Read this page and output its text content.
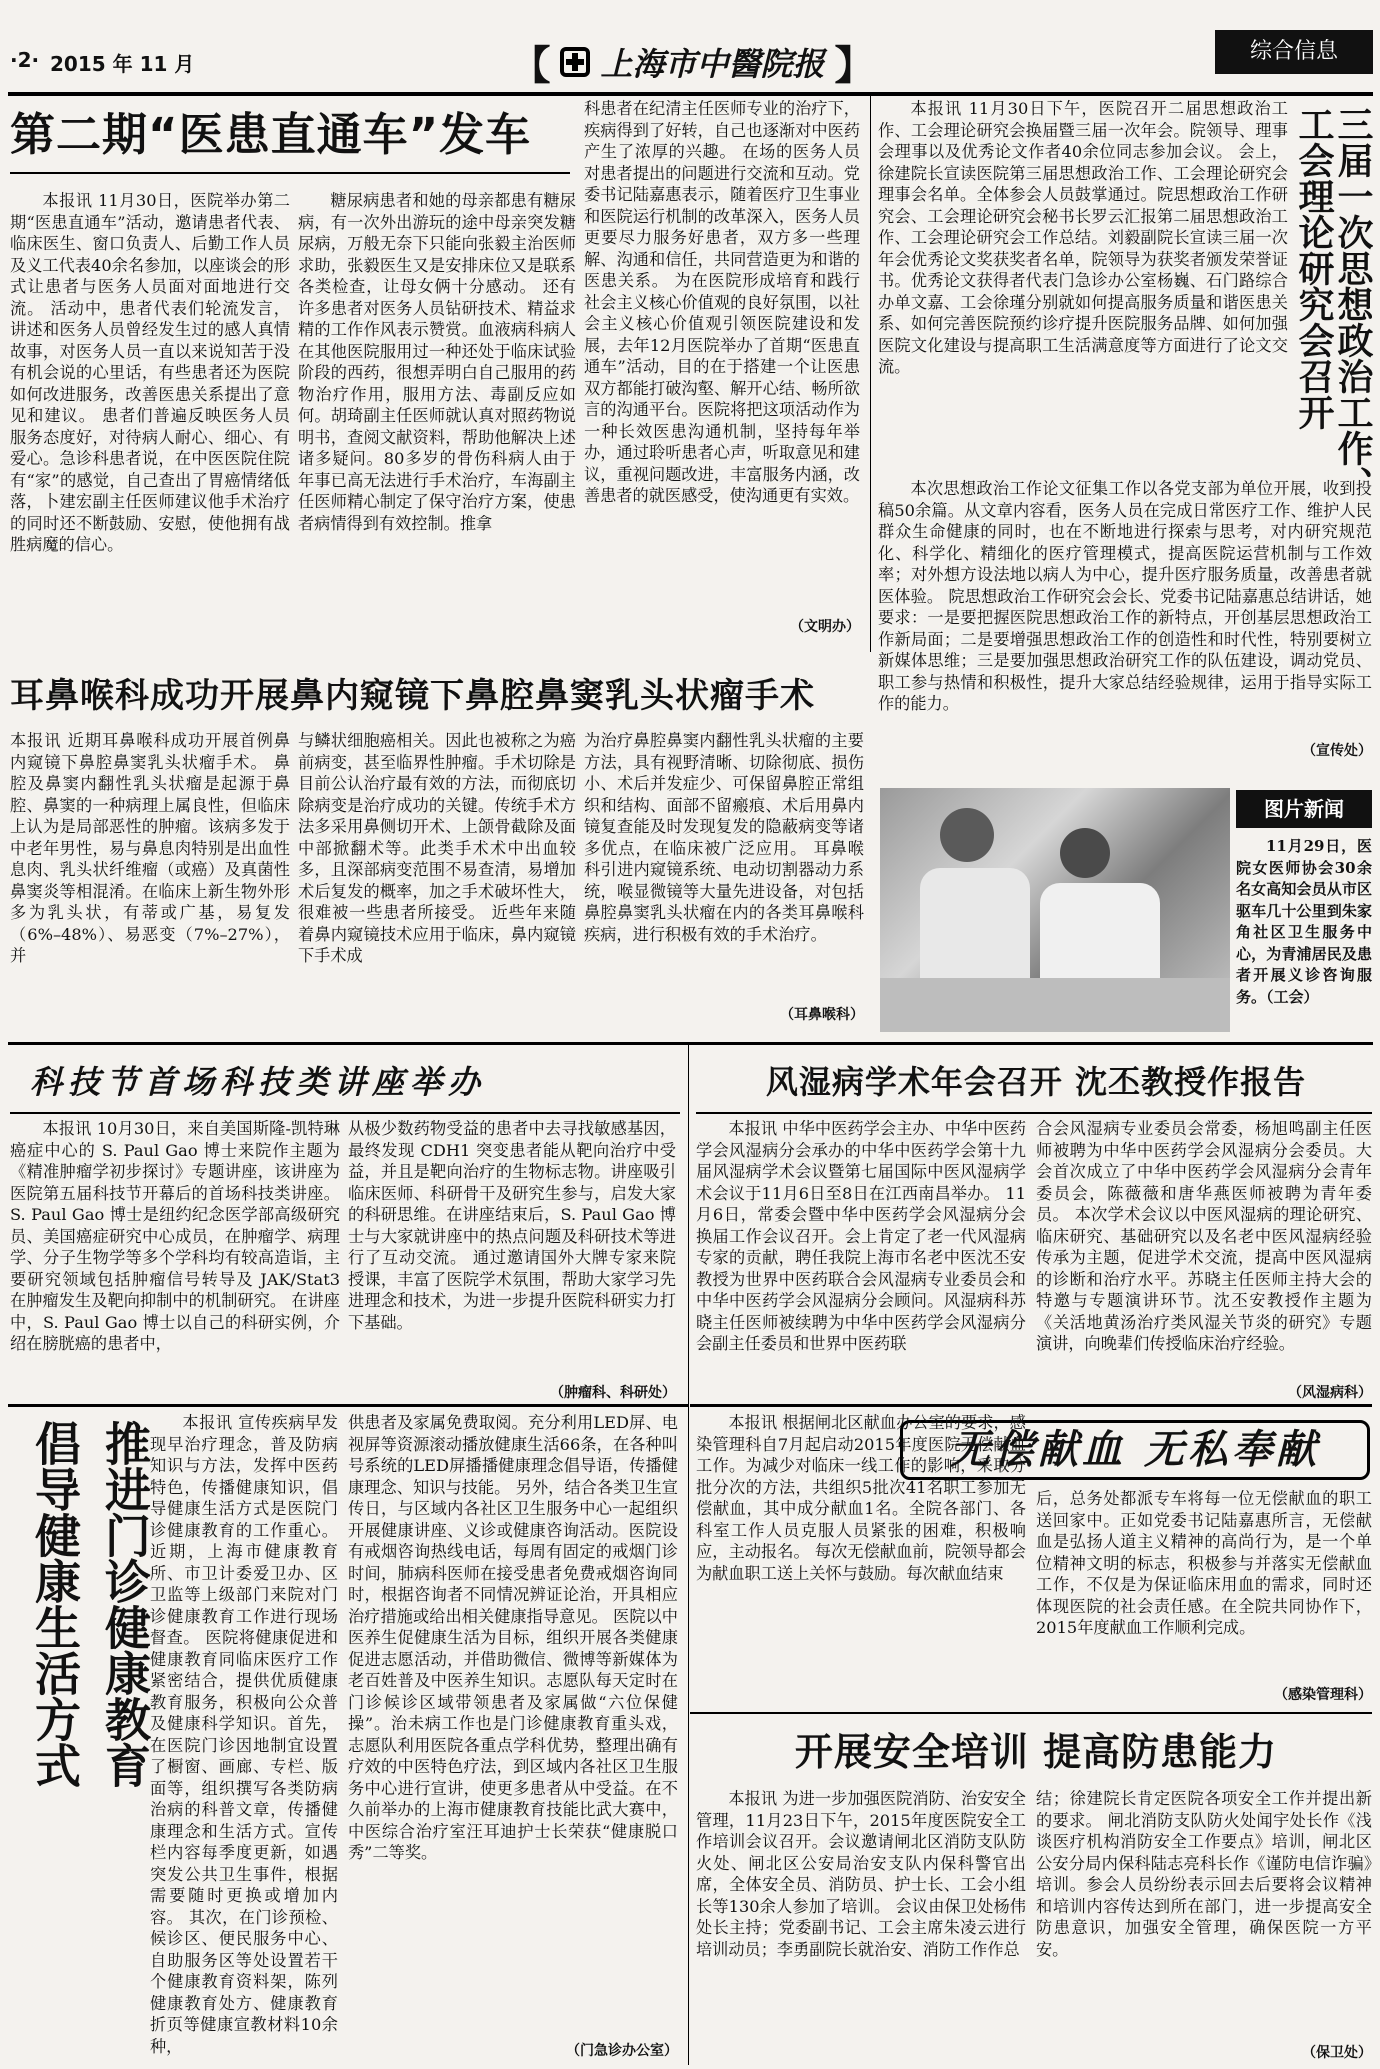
·2· 2015 年 11 月	【 上海市中醫院报 】	综合信息
第二期“医患直通车”发车

本报讯 11月30日，医院举办第二期“医患直通车”活动，邀请患者代表、临床医生、窗口负责人、后勤工作人员及义工代表40余名参加，以座谈会的形式让患者与医务人员面对面地进行交流。 活动中，患者代表们轮流发言，讲述和医务人员曾经发生过的感人真情故事，对医务人员一直以来说知苦于没有机会说的心里话，有些患者还为医院如何改进服务，改善医患关系提出了意见和建议。 患者们普遍反映医务人员服务态度好，对待病人耐心、细心、有爱心。急诊科患者说，在中医医院住院有“家”的感觉，自己查出了胃癌情绪低落，卜建宏副主任医师建议他手术治疗的同时还不断鼓励、安慰，使他拥有战胜病魔的信心。

糖尿病患者和她的母亲都患有糖尿病，有一次外出游玩的途中母亲突发糖尿病，万般无奈下只能向张毅主治医师求助，张毅医生又是安排床位又是联系各类检查，让母女俩十分感动。 还有许多患者对医务人员钻研技术、精益求精的工作作风表示赞赏。血液病科病人在其他医院服用过一种还处于临床试验阶段的西药，很想弄明白自己服用的药物治疗作用，服用方法、毒副反应如何。胡琦副主任医师就认真对照药物说明书，查阅文献资料，帮助他解决上述诸多疑问。80多岁的骨伤科病人由于年事已高无法进行手术治疗，车海副主任医师精心制定了保守治疗方案，使患者病情得到有效控制。推拿

科患者在纪清主任医师专业的治疗下，疾病得到了好转，自己也逐渐对中医药产生了浓厚的兴趣。 在场的医务人员对患者提出的问题进行交流和互动。党委书记陆嘉惠表示，随着医疗卫生事业和医院运行机制的改革深入，医务人员更要尽力服务好患者，双方多一些理解、沟通和信任，共同营造更为和谐的医患关系。 为在医院形成培育和践行社会主义核心价值观的良好氛围，以社会主义核心价值观引领医院建设和发展，去年12月医院举办了首期“医患直通车”活动，目的在于搭建一个让医患双方都能打破沟壑、解开心结、畅所欲言的沟通平台。医院将把这项活动作为一种长效医患沟通机制，坚持每年举办，通过聆听患者心声，听取意见和建议，重视问题改进，丰富服务内涵，改善患者的就医感受，使沟通更有实效。

（文明办）
三届一次思想政治工作、工会理论研究会召开

本报讯 11月30日下午，医院召开二届思想政治工作、工会理论研究会换届暨三届一次年会。院领导、理事会理事以及优秀论文作者40余位同志参加会议。 会上，徐建院长宣读医院第三届思想政治工作、工会理论研究会理事会名单。全体参会人员鼓掌通过。院思想政治工作研究会、工会理论研究会秘书长罗云汇报第二届思想政治工作、工会理论研究会工作总结。刘毅副院长宣读三届一次年会优秀论文奖获奖者名单，院领导为获奖者颁发荣誉证书。优秀论文获得者代表门急诊办公室杨巍、石门路综合办单文嘉、工会徐瑾分别就如何提高服务质量和谐医患关系、如何完善医院预约诊疗提升医院服务品牌、如何加强医院文化建设与提高职工生活满意度等方面进行了论文交流。

本次思想政治工作论文征集工作以各党支部为单位开展，收到投稿50余篇。从文章内容看，医务人员在完成日常医疗工作、维护人民群众生命健康的同时，也在不断地进行探索与思考，对内研究规范化、科学化、精细化的医疗管理模式，提高医院运营机制与工作效率；对外想方设法地以病人为中心，提升医疗服务质量，改善患者就医体验。 院思想政治工作研究会会长、党委书记陆嘉惠总结讲话，她要求：一是要把握医院思想政治工作的新特点，开创基层思想政治工作新局面；二是要增强思想政治工作的创造性和时代性，特别要树立新媒体思维；三是要加强思想政治研究工作的队伍建设，调动党员、职工参与热情和积极性，提升大家总结经验规律，运用于指导实际工作的能力。

（宣传处）
图片新闻

11月29日，医院女医师协会30余名女高知会员从市区驱车几十公里到朱家角社区卫生服务中心，为青浦居民及患者开展义诊咨询服务。（工会）

耳鼻喉科成功开展鼻内窥镜下鼻腔鼻窦乳头状瘤手术

本报讯 近期耳鼻喉科成功开展首例鼻内窥镜下鼻腔鼻窦乳头状瘤手术。 鼻腔及鼻窦内翻性乳头状瘤是起源于鼻腔、鼻窦的一种病理上属良性，但临床上认为是局部恶性的肿瘤。该病多发于中老年男性，易与鼻息肉特别是出血性息肉、乳头状纤维瘤（或癌）及真菌性鼻窦炎等相混淆。在临床上新生物外形多为乳头状，有蒂或广基，易复发（6%–48%）、易恶变（7%–27%），并

与鳞状细胞癌相关。因此也被称之为癌前病变，甚至临界性肿瘤。手术切除是目前公认治疗最有效的方法，而彻底切除病变是治疗成功的关键。传统手术方法多采用鼻侧切开术、上颌骨截除及面中部掀翻术等。此类手术术中出血较多，且深部病变范围不易查清，易增加术后复发的概率，加之手术破坏性大，很难被一些患者所接受。 近些年来随着鼻内窥镜技术应用于临床，鼻内窥镜下手术成

为治疗鼻腔鼻窦内翻性乳头状瘤的主要方法，具有视野清晰、切除彻底、损伤小、术后并发症少、可保留鼻腔正常组织和结构、面部不留瘢痕、术后用鼻内镜复查能及时发现复发的隐蔽病变等诸多优点，在临床被广泛应用。 耳鼻喉科引进内窥镜系统、电动切割器动力系统，喉显微镜等大量先进设备，对包括鼻腔鼻窦乳头状瘤在内的各类耳鼻喉科疾病，进行积极有效的手术治疗。

（耳鼻喉科）
科技节首场科技类讲座举办

本报讯 10月30日，来自美国斯隆-凯特琳癌症中心的 S. Paul Gao 博士来院作主题为《精准肿瘤学初步探讨》专题讲座，该讲座为医院第五届科技节开幕后的首场科技类讲座。S. Paul Gao 博士是纽约纪念医学部高级研究员、美国癌症研究中心成员，在肿瘤学、病理学、分子生物学等多个学科均有较高造诣，主要研究领域包括肿瘤信号转导及 JAK/Stat3 在肿瘤发生及靶向抑制中的机制研究。 在讲座中，S. Paul Gao 博士以自己的科研实例，介绍在膀胱癌的患者中，

从极少数药物受益的患者中去寻找敏感基因，最终发现 CDH1 突变患者能从靶向治疗中受益，并且是靶向治疗的生物标志物。讲座吸引临床医师、科研骨干及研究生参与，启发大家的科研思维。在讲座结束后，S. Paul Gao 博士与大家就讲座中的热点问题及科研技术等进行了互动交流。 通过邀请国外大牌专家来院授课，丰富了医院学术氛围，帮助大家学习先进理念和技术，为进一步提升医院科研实力打下基础。

（肿瘤科、科研处）
风湿病学术年会召开 沈丕教授作报告

本报讯 中华中医药学会主办、中华中医药学会风湿病分会承办的中华中医药学会第十九届风湿病学术会议暨第七届国际中医风湿病学术会议于11月6日至8日在江西南昌举办。 11月6日，常委会暨中华中医药学会风湿病分会换届工作会议召开。会上肯定了老一代风湿病专家的贡献，聘任我院上海市名老中医沈丕安教授为世界中医药联合会风湿病专业委员会和中华中医药学会风湿病分会顾问。风湿病科苏晓主任医师被续聘为中华中医药学会风湿病分会副主任委员和世界中医药联

合会风湿病专业委员会常委，杨旭鸣副主任医师被聘为中华中医药学会风湿病分会委员。大会首次成立了中华中医药学会风湿病分会青年委员会，陈薇薇和唐华燕医师被聘为青年委员。 本次学术会议以中医风湿病的理论研究、临床研究、基础研究以及名老中医风湿病经验传承为主题，促进学术交流，提高中医风湿病的诊断和治疗水平。苏晓主任医师主持大会的特邀与专题演讲环节。沈丕安教授作主题为《关活地黄汤治疗类风湿关节炎的研究》专题演讲，向晚辈们传授临床治疗经验。

（风湿病科）
推进门诊健康教育 倡导健康生活方式	本报讯 宣传疾病早发现早治疗理念，普及防病知识与方法，发挥中医药特色，传播健康知识，倡导健康生活方式是医院门诊健康教育的工作重心。近期，上海市健康教育所、市卫计委爱卫办、区卫监等上级部门来院对门诊健康教育工作进行现场督查。 医院将健康促进和健康教育同临床医疗工作紧密结合，提供优质健康教育服务，积极向公众普及健康科学知识。首先，在医院门诊因地制宜设置了橱窗、画廊、专栏、版面等，组织撰写各类防病治病的科普文章，传播健康理念和生活方式。宣传栏内容每季度更新，如遇突发公共卫生事件，根据需要随时更换或增加内容。 其次，在门诊预检、候诊区、便民服务中心、自助服务区等处设置若干个健康教育资料架，陈列健康教育处方、健康教育折页等健康宣教材料10余种，

供患者及家属免费取阅。充分利用LED屏、电视屏等资源滚动播放健康生活66条，在各种叫号系统的LED屏播播健康理念倡导语，传播健康理念、知识与技能。 另外，结合各类卫生宣传日，与区域内各社区卫生服务中心一起组织开展健康讲座、义诊或健康咨询活动。医院设有戒烟咨询热线电话，每周有固定的戒烟门诊时间，肺病科医师在接受患者免费戒烟咨询同时，根据咨询者不同情况辨证论治，开具相应治疗措施或给出相关健康指导意见。 医院以中医养生促健康生活为目标，组织开展各类健康促进志愿活动，并借助微信、微博等新媒体为老百姓普及中医养生知识。志愿队每天定时在门诊候诊区域带领患者及家属做“六位保健操”。治未病工作也是门诊健康教育重头戏，志愿队利用医院各重点学科优势，整理出确有疗效的中医特色疗法，到区域内各社区卫生服务中心进行宣讲，使更多患者从中受益。在不久前举办的上海市健康教育技能比武大赛中，中医综合治疗室汪耳迪护士长荣获“健康脱口秀”二等奖。

（门急诊办公室）
无偿献血 无私奉献

本报讯 根据闸北区献血办公室的要求，感染管理科自7月起启动2015年度医院无偿献血工作。为减少对临床一线工作的影响，采取分批分次的方法，共组织5批次41名职工参加无偿献血，其中成分献血1名。全院各部门、各科室工作人员克服人员紧张的困难，积极响应，主动报名。 每次无偿献血前，院领导都会为献血职工送上关怀与鼓励。每次献血结束

后，总务处都派专车将每一位无偿献血的职工送回家中。正如党委书记陆嘉惠所言，无偿献血是弘扬人道主义精神的高尚行为，是一个单位精神文明的标志，积极参与并落实无偿献血工作，不仅是为保证临床用血的需求，同时还体现医院的社会责任感。在全院共同协作下，2015年度献血工作顺利完成。

（感染管理科）
开展安全培训 提高防患能力

本报讯 为进一步加强医院消防、治安安全管理，11月23日下午，2015年度医院安全工作培训会议召开。会议邀请闸北区消防支队防火处、闸北区公安局治安支队内保科警官出席，全体安全员、消防员、护士长、工会小组长等130余人参加了培训。 会议由保卫处杨伟处长主持；党委副书记、工会主席朱凌云进行培训动员；李勇副院长就治安、消防工作作总

结；徐建院长肯定医院各项安全工作并提出新的要求。 闸北消防支队防火处闻宇处长作《浅谈医疗机构消防安全工作要点》培训，闸北区公安分局内保科陆志亮科长作《谨防电信诈骗》培训。参会人员纷纷表示回去后要将会议精神和培训内容传达到所在部门，进一步提高安全防患意识，加强安全管理，确保医院一方平安。

（保卫处）
